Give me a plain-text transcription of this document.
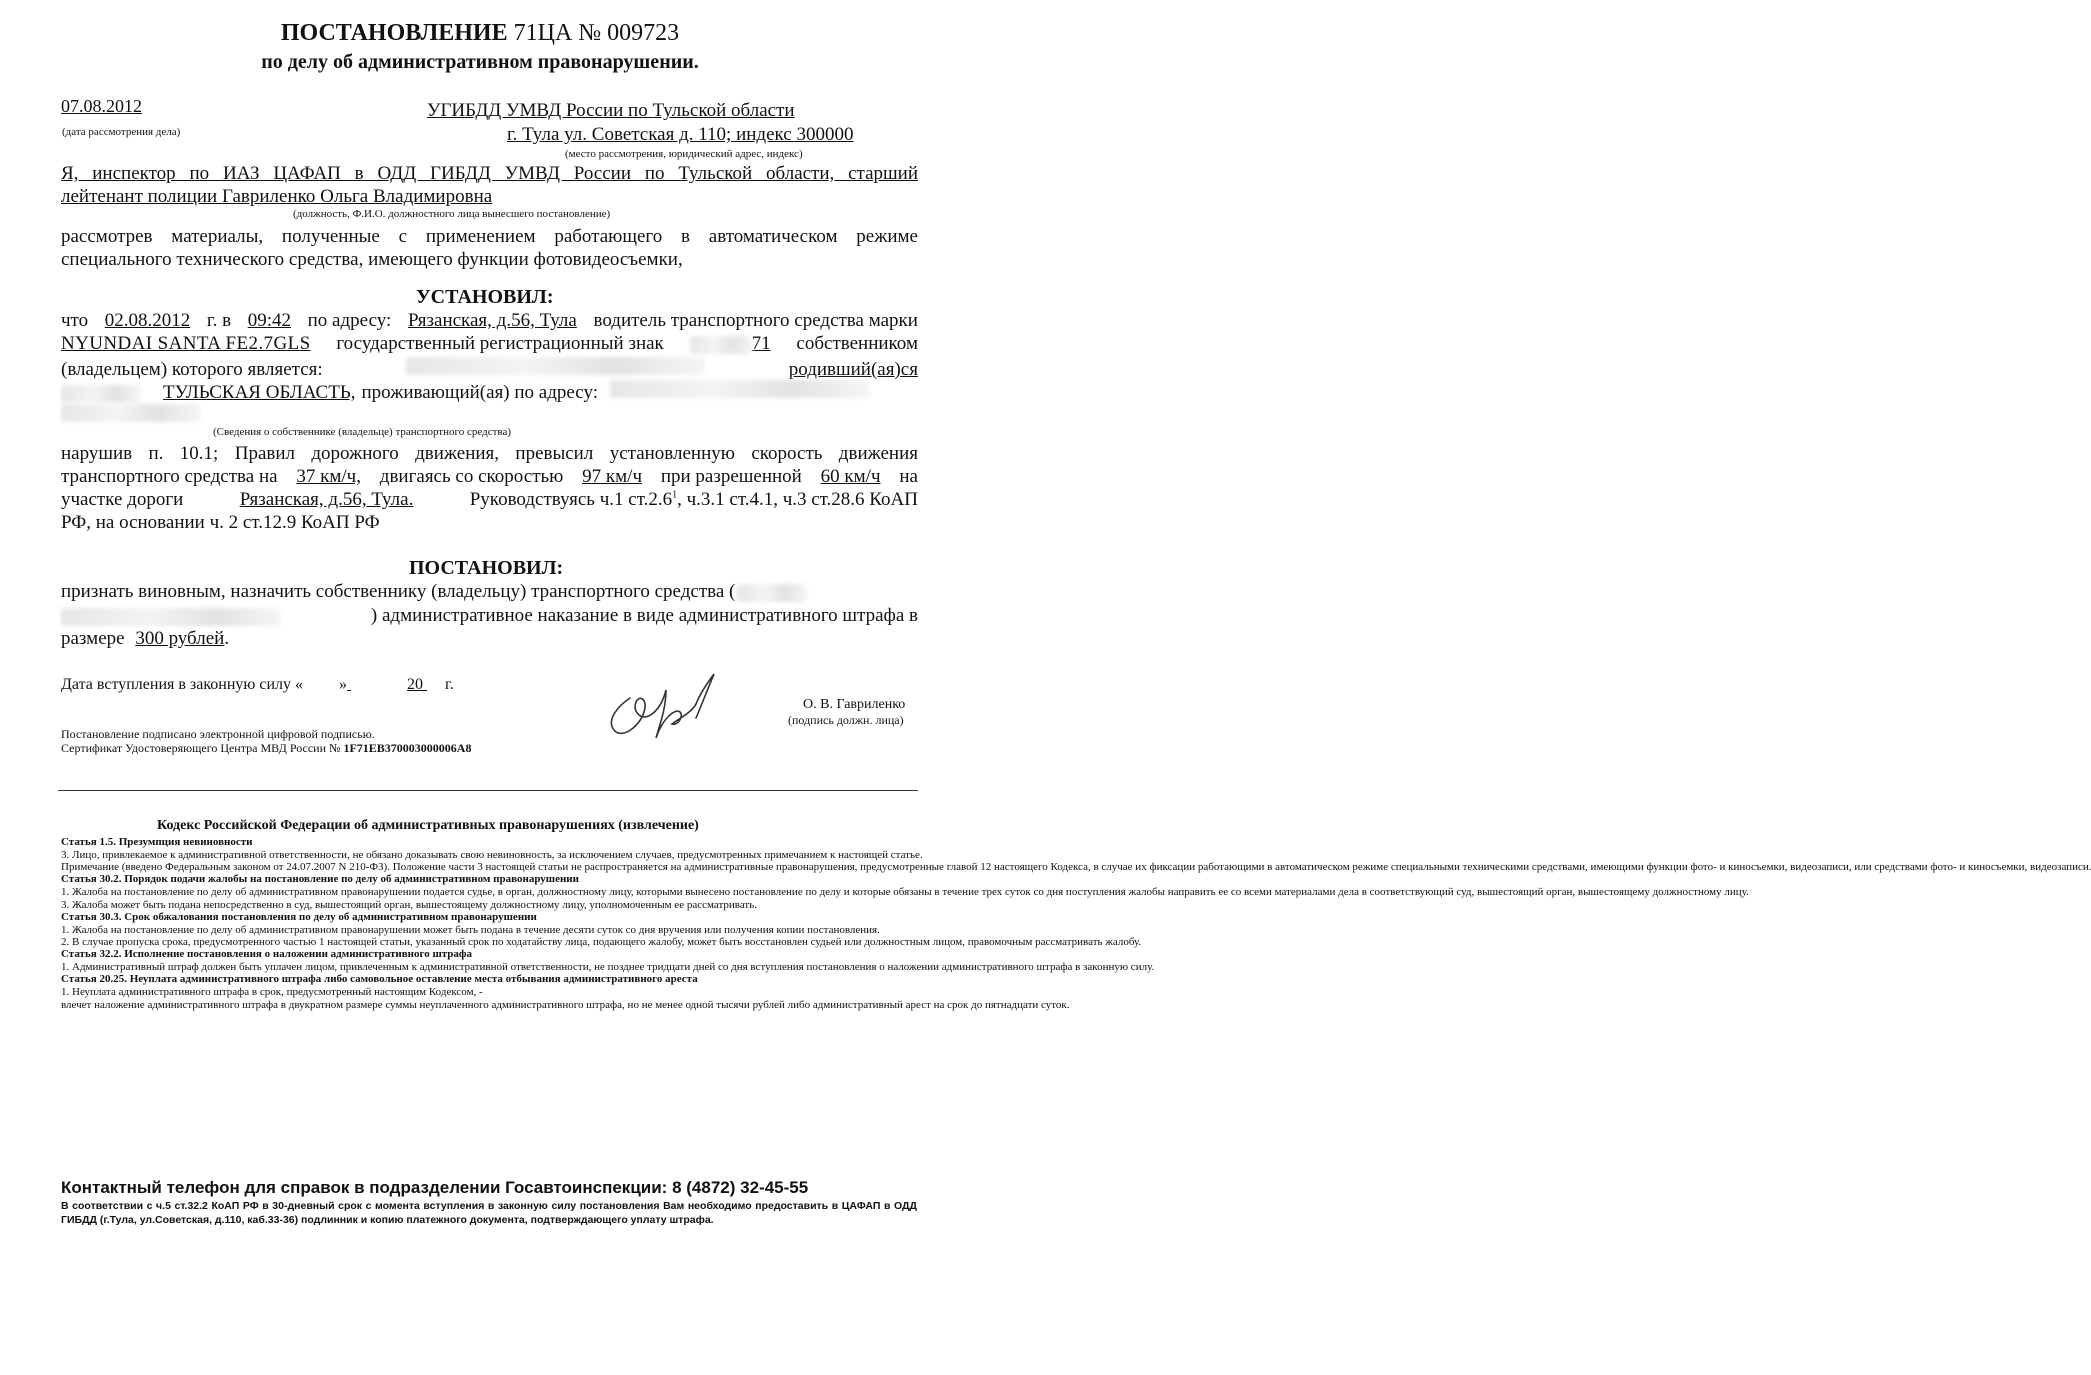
ПОСТАНОВЛЕНИЕ 71ЦА № 009723
по делу об административном правонарушении.
07.08.2012
(дата рассмотрения дела)
УГИБДД УМВД России по Тульской области
г. Тула ул. Советская д. 110; индекс 300000
(место рассмотрения, юридический адрес, индекс)
Я, инспектор по ИАЗ ЦАФАП в ОДД ГИБДД УМВД России по Тульской области, старший
лейтенант полиции Гавриленко Ольга Владимировна
(должность, Ф.И.О. должностного лица вынесшего постановление)
рассмотрев материалы, полученные с применением работающего в автоматическом режиме
специального технического средства, имеющего функции фотовидеосъемки,
УСТАНОВИЛ:
что 02.08.2012 г. в 09:42 по адресу: Рязанская, д.56, Тула водитель транспортного средства марки
NYUNDAI SANTA FE2.7GLS государственный регистрационный знак	71 собственником
(владельцем) которого является:	родивший(ая)ся
ТУЛЬСКАЯ ОБЛАСТЬ, проживающий(ая) по адресу:
(Сведения о собственнике (владельце) транспортного средства)
нарушив п. 10.1; Правил дорожного движения, превысил установленную скорость движения
транспортного средства на 37 км/ч, двигаясь со скоростью 97 км/ч при разрешенной 60 км/ч на
участке дороги	Рязанская, д.56, Тула.	Руководствуясь ч.1 ст.2.6$^1$, ч.3.1 ст.4.1, ч.3 ст.28.6 КоАП
РФ, на основании ч. 2 ст.12.9 КоАП РФ
ПОСТАНОВИЛ:
признать виновным, назначить собственнику (владельцу) транспортного средства (
) административное наказание в виде административного штрафа в
размере 300 рублей.
Дата вступления в законную силу « »	20 г.
О. В. Гавриленко
(подпись должн. лица)
Постановление подписано электронной цифровой подписью.
Сертификат Удостоверяющего Центра МВД России № 1F71EB370003000006A8
Кодекс Российской Федерации об административных правонарушениях (извлечение)
Статья 1.5. Презумпция невиновности
3. Лицо, привлекаемое к административной ответственности, не обязано доказывать свою невиновность, за исключением случаев, предусмотренных примечанием к настоящей статье.
Примечание (введено Федеральным законом от 24.07.2007 N 210-ФЗ). Положение части 3 настоящей статьи не распространяется на административные правонарушения, предусмотренные главой 12 настоящего Кодекса, в случае их фиксации работающими в автоматическом режиме специальными техническими средствами, имеющими функции фото- и киносъемки, видеозаписи, или средствами фото- и киносъемки, видеозаписи.
Статья 30.2. Порядок подачи жалобы на постановление по делу об административном правонарушении
1. Жалоба на постановление по делу об административном правонарушении подается судье, в орган, должностному лицу, которыми вынесено постановление по делу и которые обязаны в течение трех суток со дня поступления жалобы направить ее со всеми материалами дела в соответствующий суд, вышестоящий орган, вышестоящему должностному лицу.
3. Жалоба может быть подана непосредственно в суд, вышестоящий орган, вышестоящему должностному лицу, уполномоченным ее рассматривать.
Статья 30.3. Срок обжалования постановления по делу об административном правонарушении
1. Жалоба на постановление по делу об административном правонарушении может быть подана в течение десяти суток со дня вручения или получения копии постановления.
2. В случае пропуска срока, предусмотренного частью 1 настоящей статьи, указанный срок по ходатайству лица, подающего жалобу, может быть восстановлен судьей или должностным лицом, правомочным рассматривать жалобу.
Статья 32.2. Исполнение постановления о наложении административного штрафа
1. Административный штраф должен быть уплачен лицом, привлеченным к административной ответственности, не позднее тридцати дней со дня вступления постановления о наложении административного штрафа в законную силу.
Статья 20.25. Неуплата административного штрафа либо самовольное оставление места отбывания административного ареста
1. Неуплата административного штрафа в срок, предусмотренный настоящим Кодексом, -
влечет наложение административного штрафа в двукратном размере суммы неуплаченного административного штрафа, но не менее одной тысячи рублей либо административный арест на срок до пятнадцати суток.
Контактный телефон для справок в подразделении Госавтоинспекции: 8 (4872) 32-45-55
В соответствии с ч.5 ст.32.2 КоАП РФ в 30-дневный срок с момента вступления в законную силу постановления Вам необходимо предоставить в ЦАФАП в ОДД ГИБДД (г.Тула, ул.Советская, д.110, каб.33-36) подлинник и копию платежного документа, подтверждающего уплату штрафа.
